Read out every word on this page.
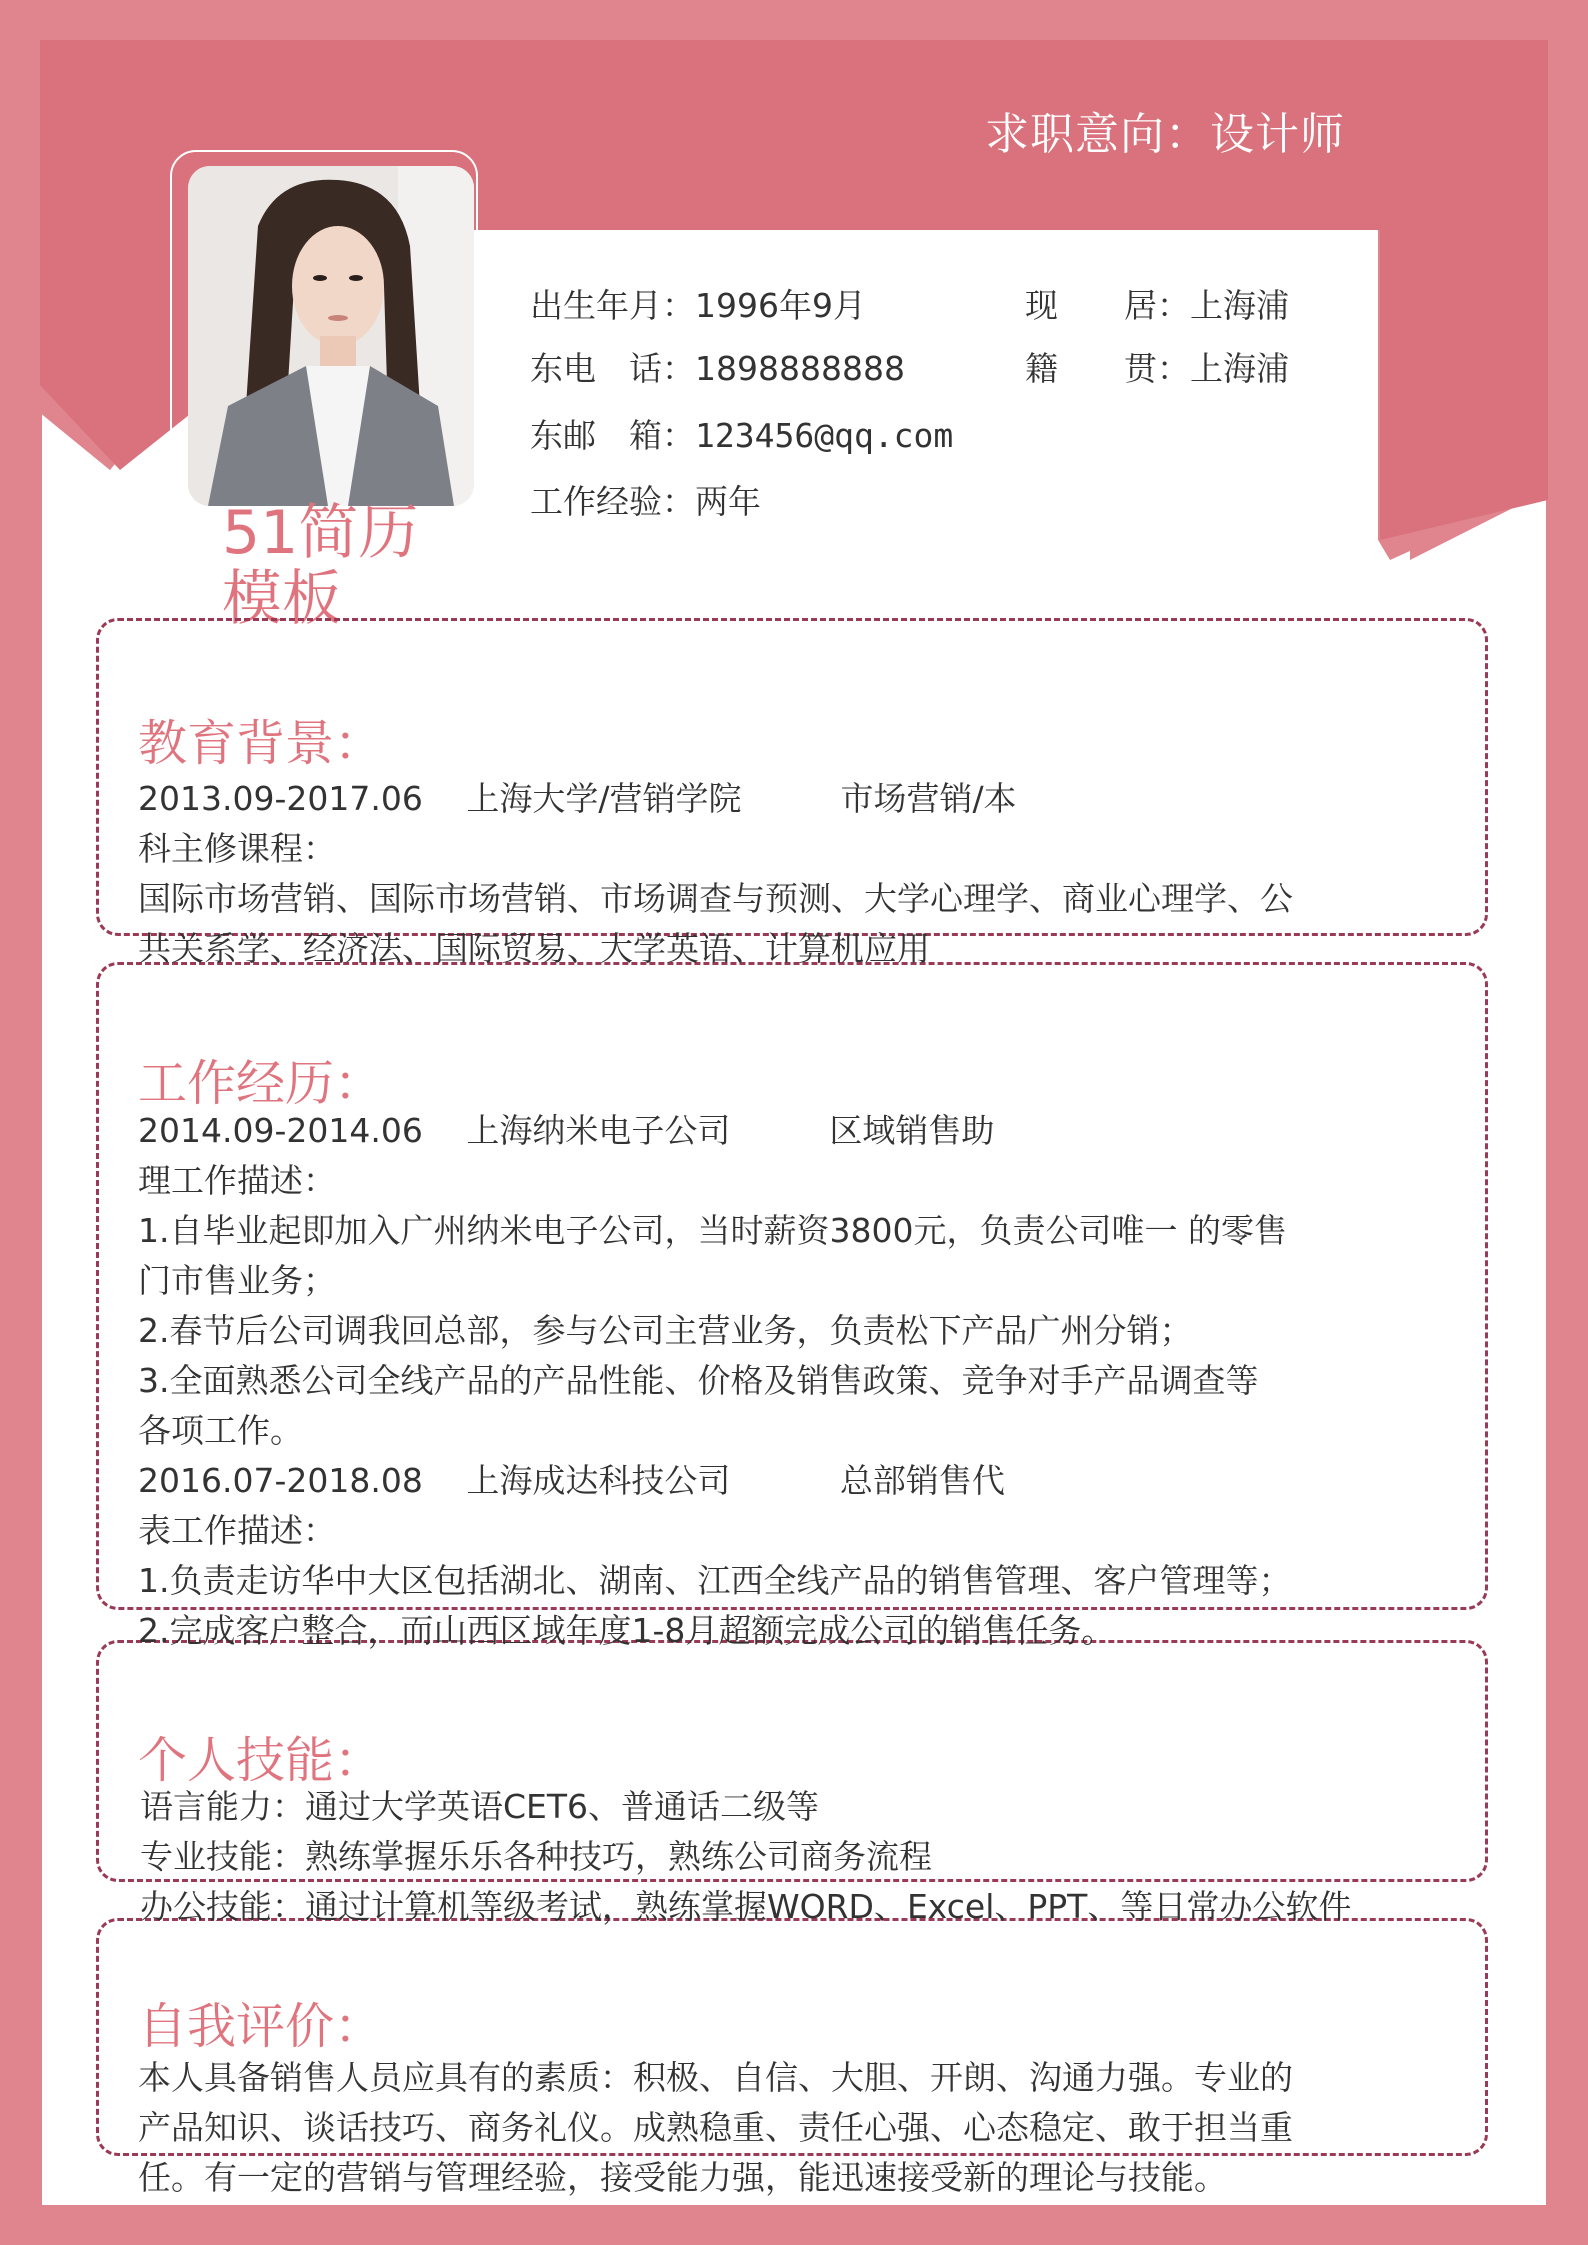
求职意向：设计师
出生年月：1996年9月
东电　话：1898888888
东邮　箱：123456@qq.com
工作经验：两年
现　　居：上海浦
籍　　贯：上海浦
51简历模板
教育背景：
2013.09-2017.06　 上海大学/营销学院　　　市场营销/本
科主修课程：
国际市场营销、国际市场营销、市场调查与预测、大学心理学、商业心理学、公
共关系学、经济法、国际贸易、大学英语、计算机应用
工作经历：
2014.09-2014.06　 上海纳米电子公司　　　区域销售助
理工作描述：
1.自毕业起即加入广州纳米电子公司，当时薪资3800元，负责公司唯一 的零售
门市售业务；
2.春节后公司调我回总部，参与公司主营业务，负责松下产品广州分销；
3.全面熟悉公司全线产品的产品性能、价格及销售政策、竞争对手产品调查等
各项工作。
2016.07-2018.08　 上海成达科技公司　　　 总部销售代
表工作描述：
1.负责走访华中大区包括湖北、湖南、江西全线产品的销售管理、客户管理等；
2.完成客户整合，而山西区域年度1-8月超额完成公司的销售任务。
个人技能：
语言能力：通过大学英语CET6、普通话二级等
专业技能：熟练掌握乐乐各种技巧，熟练公司商务流程
办公技能：通过计算机等级考试，熟练掌握WORD、Excel、PPT、等日常办公软件
自我评价：
本人具备销售人员应具有的素质：积极、自信、大胆、开朗、沟通力强。专业的
产品知识、谈话技巧、商务礼仪。成熟稳重、责任心强、心态稳定、敢于担当重
任。有一定的营销与管理经验，接受能力强，能迅速接受新的理论与技能。
